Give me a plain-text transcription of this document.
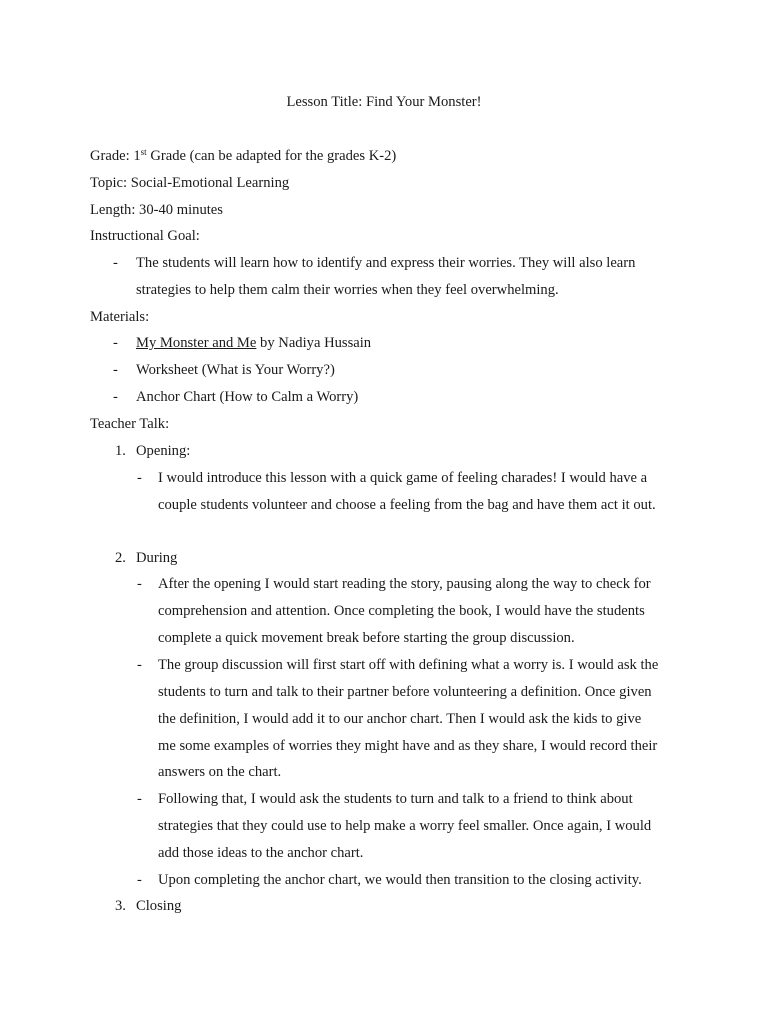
Lesson Title: Find Your Monster!
Grade: 1st Grade (can be adapted for the grades K-2)
Topic: Social-Emotional Learning
Length: 30-40 minutes
Instructional Goal:
- The students will learn how to identify and express their worries. They will also learn
strategies to help them calm their worries when they feel overwhelming.
Materials:
- My Monster and Me by Nadiya Hussain
- Worksheet (What is Your Worry?)
- Anchor Chart (How to Calm a Worry)
Teacher Talk:
1. Opening:
- I would introduce this lesson with a quick game of feeling charades! I would have a
couple students volunteer and choose a feeling from the bag and have them act it out.
2. During
- After the opening I would start reading the story, pausing along the way to check for
comprehension and attention. Once completing the book, I would have the students
complete a quick movement break before starting the group discussion.
- The group discussion will first start off with defining what a worry is. I would ask the
students to turn and talk to their partner before volunteering a definition. Once given
the definition, I would add it to our anchor chart. Then I would ask the kids to give
me some examples of worries they might have and as they share, I would record their
answers on the chart.
- Following that, I would ask the students to turn and talk to a friend to think about
strategies that they could use to help make a worry feel smaller. Once again, I would
add those ideas to the anchor chart.
- Upon completing the anchor chart, we would then transition to the closing activity.
3. Closing
